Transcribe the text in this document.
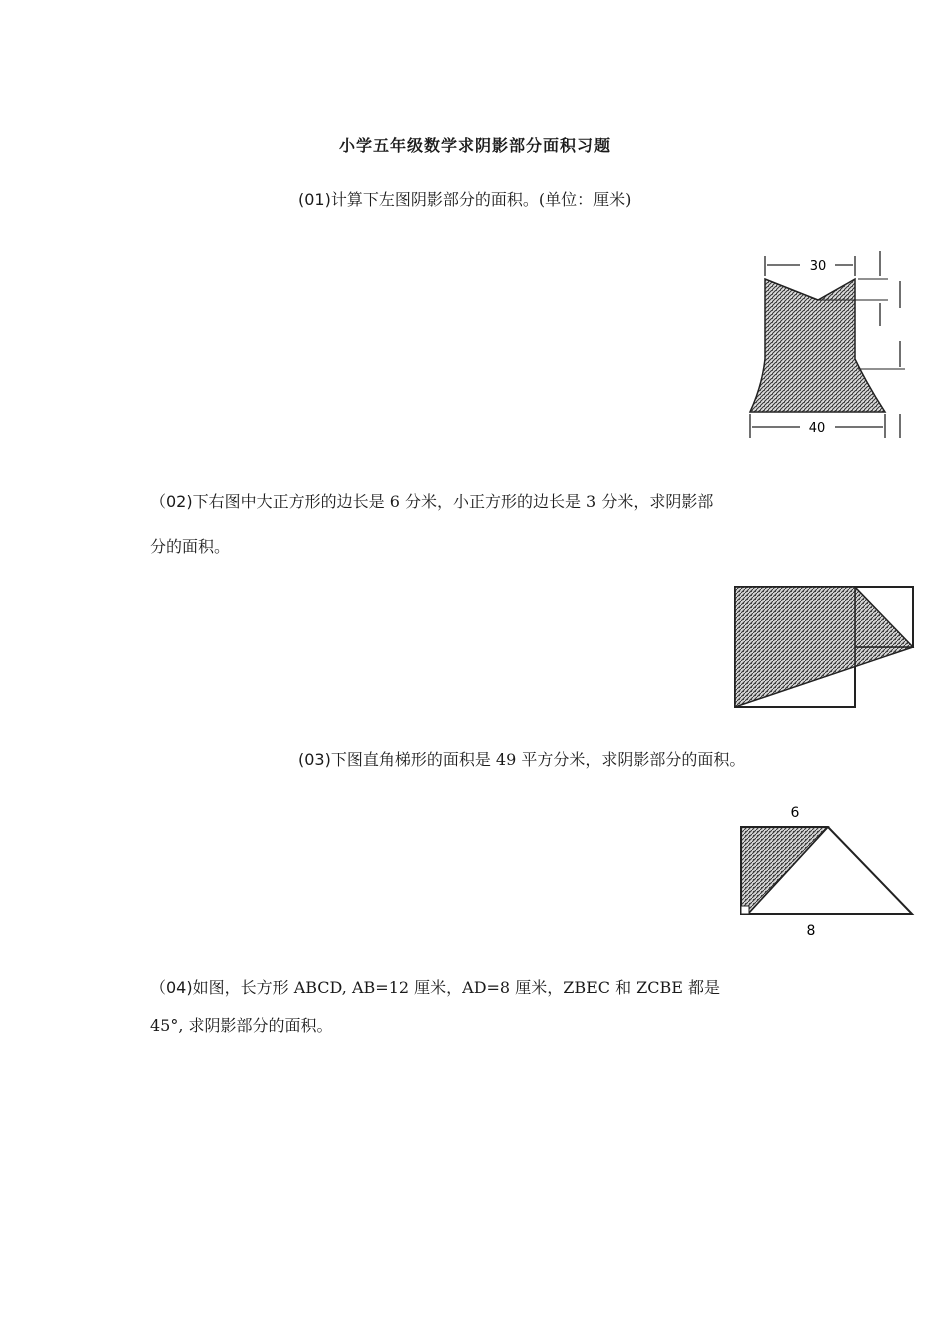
小学五年级数学求阴影部分面积习题
(01)计算下左图阴影部分的面积。(单位：厘米)
30
40
（02)下右图中大正方形的边长是 6 分米，小正方形的边长是 3 分米，求阴影部
分的面积。
(03)下图直角梯形的面积是 49 平方分米，求阴影部分的面积。
6
8
（04)如图，长方形 ABCD, AB=12 厘米，AD=8 厘米，ZBEC 和 ZCBE 都是
45°, 求阴影部分的面积。
